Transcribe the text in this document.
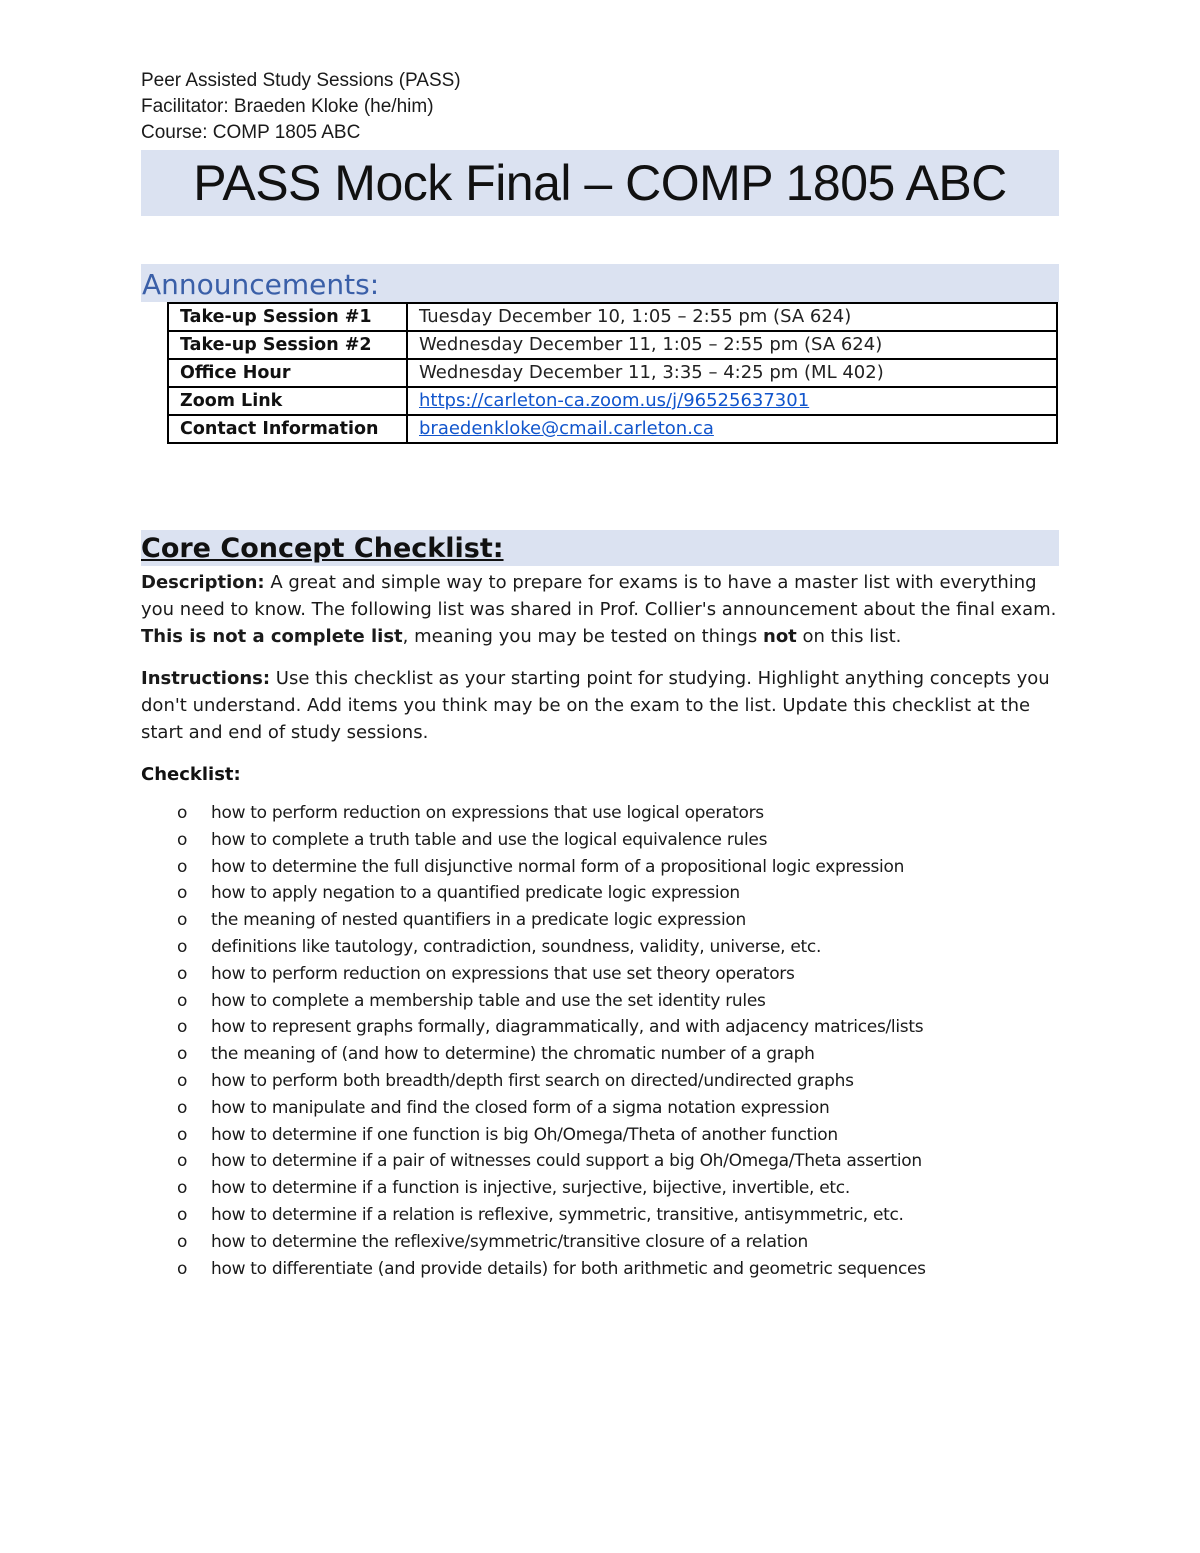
Peer Assisted Study Sessions (PASS)

Facilitator: Braeden Kloke (he/him)

Course: COMP 1805 ABC

PASS Mock Final – COMP 1805 ABC
Announcements:
Take-up Session #1	Tuesday December 10, 1:05 – 2:55 pm (SA 624)
Take-up Session #2	Wednesday December 11, 1:05 – 2:55 pm (SA 624)
Office Hour	Wednesday December 11, 3:35 – 4:25 pm (ML 402)
Zoom Link	https://carleton-ca.zoom.us/j/96525637301
Contact Information	braedenkloke@cmail.carleton.ca
Core Concept Checklist:

Description: A great and simple way to prepare for exams is to have a master list with everything you need to know. The following list was shared in Prof. Collier's announcement about the final exam. This is not a complete list, meaning you may be tested on things not on this list.

Instructions: Use this checklist as your starting point for studying. Highlight anything concepts you don't understand. Add items you think may be on the exam to the list. Update this checklist at the start and end of study sessions.

Checklist:
o how to perform reduction on expressions that use logical operators
o how to complete a truth table and use the logical equivalence rules
o how to determine the full disjunctive normal form of a propositional logic expression
o how to apply negation to a quantified predicate logic expression
o the meaning of nested quantifiers in a predicate logic expression
o definitions like tautology, contradiction, soundness, validity, universe, etc.
o how to perform reduction on expressions that use set theory operators
o how to complete a membership table and use the set identity rules
o how to represent graphs formally, diagrammatically, and with adjacency matrices/lists
o the meaning of (and how to determine) the chromatic number of a graph
o how to perform both breadth/depth first search on directed/undirected graphs
o how to manipulate and find the closed form of a sigma notation expression
o how to determine if one function is big Oh/Omega/Theta of another function
o how to determine if a pair of witnesses could support a big Oh/Omega/Theta assertion
o how to determine if a function is injective, surjective, bijective, invertible, etc.
o how to determine if a relation is reflexive, symmetric, transitive, antisymmetric, etc.
o how to determine the reflexive/symmetric/transitive closure of a relation
o how to differentiate (and provide details) for both arithmetic and geometric sequences
